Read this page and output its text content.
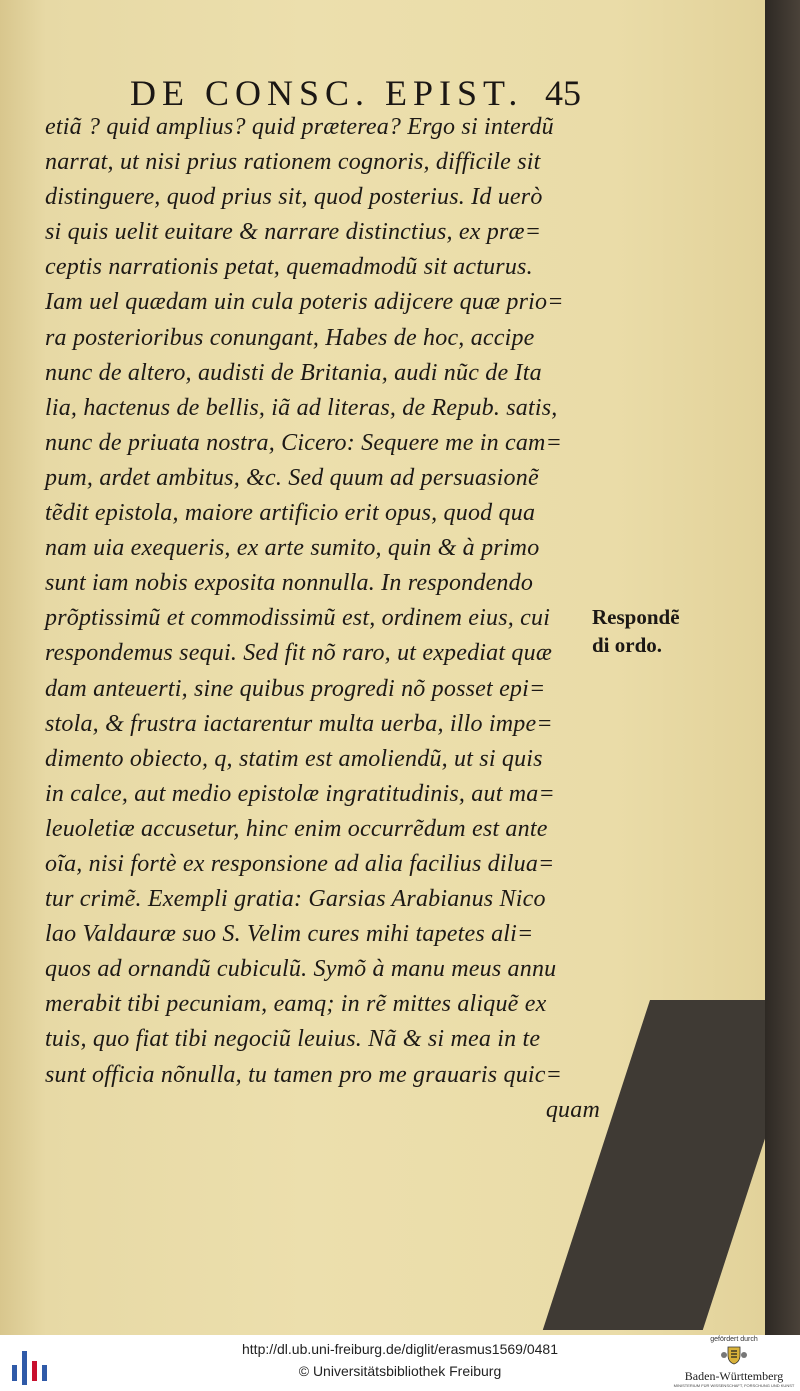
DE CONSC. EPIST. 45
etiã ? quid amplius? quid prӕterea? Ergo si interdũ
narrat, ut nisi prius rationem cognoris, difficile sit
distinguere, quod prius sit, quod posterius. Id uerò
si quis uelit euitare & narrare distinctius, ex prӕ=
ceptis narrationis petat, quemadmodũ sit acturus.
Iam uel quӕdam uin cula poteris adijcere quӕ prio=
ra posterioribus conungant, Habes de hoc, accipe
nunc de altero, audisti de Britania, audi nũc de Ita
lia, hactenus de bellis, iã ad literas, de Repub. satis,
nunc de priuata nostra, Cicero: Sequere me in cam=
pum, ardet ambitus, &c. Sed quum ad persuasionẽ
tẽdit epistola, maiore artificio erit opus, quod qua
nam uia exequeris, ex arte sumito, quin & à primo
sunt iam nobis exposita nonnulla. In respondendo
prõptissimũ et commodissimũ est, ordinem eius, cui
respondemus sequi. Sed fit nõ raro, ut expediat quӕ
dam anteuerti, sine quibus progredi nõ posset epi=
stola, & frustra iactarentur multa uerba, illo impe=
dimento obiecto, q, statim est amoliendũ, ut si quis
in calce, aut medio epistolӕ ingratitudinis, aut ma=
leuoletiӕ accusetur, hinc enim occurrẽdum est ante
oĩa, nisi fortè ex responsione ad alia facilius dilua=
tur crimẽ. Exempli gratia: Garsias Arabianus Nico
lao Valdaurӕ suo S. Velim cures mihi tapetes ali=
quos ad ornandũ cubiculũ. Symõ à manu meus annu
merabit tibi pecuniam, eamq; in rẽ mittes aliquẽ ex
tuis, quo fiat tibi negociũ leuius. Nã & si mea in te
sunt officia nõnulla, tu tamen pro me grauaris quic=
quam
Respondẽ
di ordo.
http://dl.ub.uni-freiburg.de/diglit/erasmus1569/0481
© Universitätsbibliothek Freiburg
gefördert durch
Baden-Württemberg
MINISTERIUM FÜR WISSENSCHAFT, FORSCHUNG UND KUNST
